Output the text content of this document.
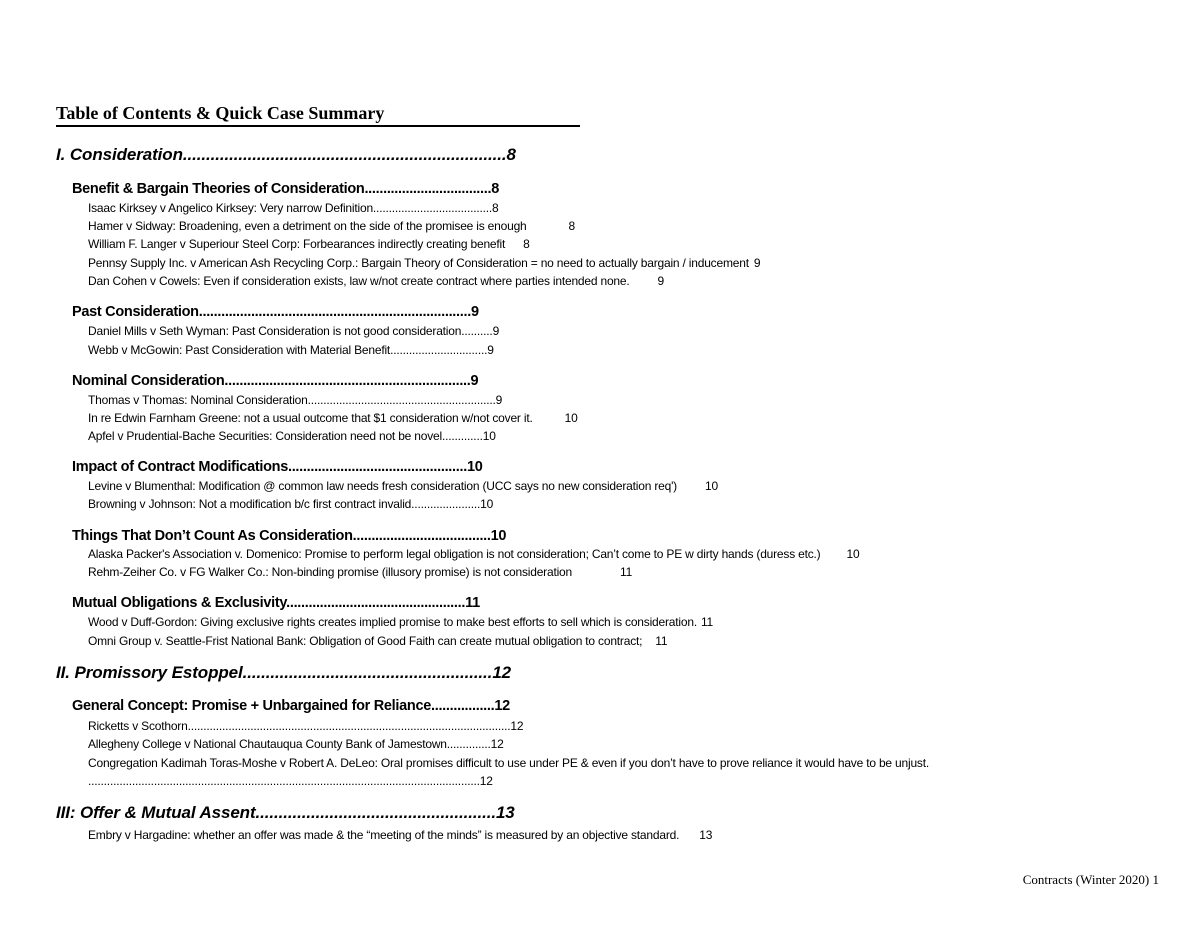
Table of Contents & Quick Case Summary
I. Consideration......................................................................8
Benefit & Bargain Theories of Consideration..................................8
Isaac Kirksey v Angelico Kirksey: Very narrow Definition......................................8
Hamer v Sidway: Broadening, even a detriment on the side of the promisee is enough	8
William F. Langer v Superiour Steel Corp: Forbearances indirectly creating benefit 8
Pennsy Supply Inc. v American Ash Recycling Corp.: Bargain Theory of Consideration = no need to actually bargain / inducement 9
Dan Cohen v Cowels: Even if consideration exists, law w/not create contract where parties intended none. 9
Past Consideration.........................................................................9
Daniel Mills v Seth Wyman: Past Consideration is not good consideration..........9
Webb v McGowin: Past Consideration with Material Benefit...............................9
Nominal Consideration..................................................................9
Thomas v Thomas: Nominal Consideration............................................................9
In re Edwin Farnham Greene: not a usual outcome that $1 consideration w/not cover it.	10
Apfel v Prudential-Bache Securities: Consideration need not be novel.............10
Impact of Contract Modifications................................................10
Levine v Blumenthal: Modification @ common law needs fresh consideration (UCC says no new consideration req') 10
Browning v Johnson: Not a modification b/c first contract invalid......................10
Things That Don’t Count As Consideration.....................................10
Alaska Packer's Association v. Domenico: Promise to perform legal obligation is not consideration; Can’t come to PE w dirty hands (duress etc.) 10
Rehm-Zeiher Co. v FG Walker Co.: Non-binding promise (illusory promise) is not consideration	11
Mutual Obligations & Exclusivity................................................11
Wood v Duff-Gordon: Giving exclusive rights creates implied promise to make best efforts to sell which is consideration. 11
Omni Group v. Seattle-Frist National Bank: Obligation of Good Faith can create mutual obligation to contract; 11
II. Promissory Estoppel......................................................12
General Concept: Promise + Unbargained for Reliance.................12
Ricketts v Scothorn.......................................................................................................12
Allegheny College v National Chautauqua County Bank of Jamestown..............12
Congregation Kadimah Toras-Moshe v Robert A. DeLeo: Oral promises difficult to use under PE & even if you don’t have to prove reliance it would have to be unjust.
.............................................................................................................................12
III: Offer & Mutual Assent....................................................13
Embry v Hargadine: whether an offer was made & the “meeting of the minds” is measured by an objective standard. 13
Contracts (Winter 2020) 1
